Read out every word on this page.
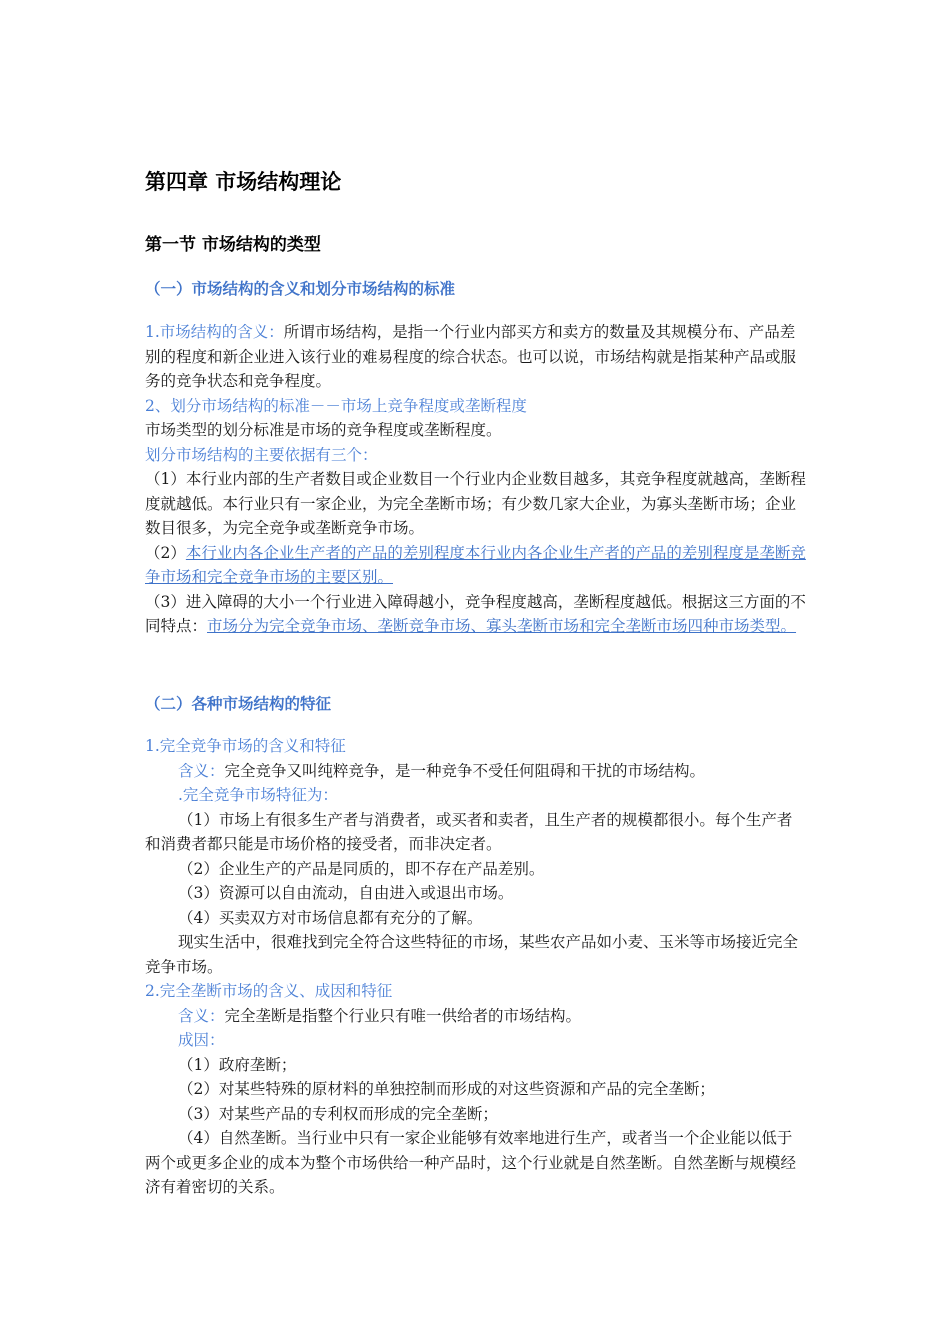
第四章 市场结构理论
第一节 市场结构的类型
（一）市场结构的含义和划分市场结构的标准

1.市场结构的含义：所谓市场结构，是指一个行业内部买方和卖方的数量及其规模分布、产品差别的程度和新企业进入该行业的难易程度的综合状态。也可以说，市场结构就是指某种产品或服务的竞争状态和竞争程度。

2、划分市场结构的标准－－市场上竞争程度或垄断程度

市场类型的划分标准是市场的竞争程度或垄断程度。

划分市场结构的主要依据有三个：

（1）本行业内部的生产者数目或企业数目一个行业内企业数目越多，其竞争程度就越高，垄断程度就越低。本行业只有一家企业，为完全垄断市场；有少数几家大企业，为寡头垄断市场；企业数目很多，为完全竞争或垄断竞争市场。

（2）本行业内各企业生产者的产品的差别程度本行业内各企业生产者的产品的差别程度是垄断竞争市场和完全竞争市场的主要区别。

（3）进入障碍的大小一个行业进入障碍越小，竞争程度越高，垄断程度越低。根据这三方面的不同特点：市场分为完全竞争市场、垄断竞争市场、寡头垄断市场和完全垄断市场四种市场类型。

（二）各种市场结构的特征

1.完全竞争市场的含义和特征

含义：完全竞争又叫纯粹竞争，是一种竞争不受任何阻碍和干扰的市场结构。

.完全竞争市场特征为：

（1）市场上有很多生产者与消费者，或买者和卖者，且生产者的规模都很小。每个生产者和消费者都只能是市场价格的接受者，而非决定者。

（2）企业生产的产品是同质的，即不存在产品差别。

（3）资源可以自由流动，自由进入或退出市场。

（4）买卖双方对市场信息都有充分的了解。

现实生活中，很难找到完全符合这些特征的市场，某些农产品如小麦、玉米等市场接近完全竞争市场。

2.完全垄断市场的含义、成因和特征

含义：完全垄断是指整个行业只有唯一供给者的市场结构。

成因：

（1）政府垄断；

（2）对某些特殊的原材料的单独控制而形成的对这些资源和产品的完全垄断；

（3）对某些产品的专利权而形成的完全垄断；

（4）自然垄断。当行业中只有一家企业能够有效率地进行生产，或者当一个企业能以低于两个或更多企业的成本为整个市场供给一种产品时，这个行业就是自然垄断。自然垄断与规模经济有着密切的关系。
